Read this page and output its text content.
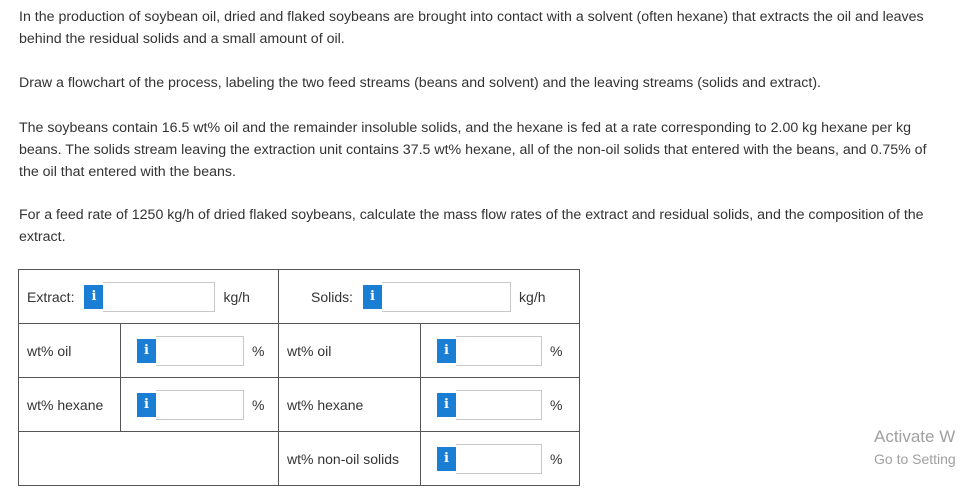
In the production of soybean oil, dried and flaked soybeans are brought into contact with a solvent (often hexane) that extracts the oil and leaves behind the residual solids and a small amount of oil.
Draw a flowchart of the process, labeling the two feed streams (beans and solvent) and the leaving streams (solids and extract).
The soybeans contain 16.5 wt% oil and the remainder insoluble solids, and the hexane is fed at a rate corresponding to 2.00 kg hexane per kg beans. The solids stream leaving the extraction unit contains 37.5 wt% hexane, all of the non-oil solids that entered with the beans, and 0.75% of the oil that entered with the beans.
For a feed rate of 1250 kg/h of dried flaked soybeans, calculate the mass flow rates of the extract and residual solids, and the composition of the extract.
Extract: i kg/h		Solids: i kg/h	

wt% oil	i %	wt% oil	i %

wt% hexane	i %	wt% hexane	i %

		wt% non-oil solids	i %
Activate W
Go to Setting
